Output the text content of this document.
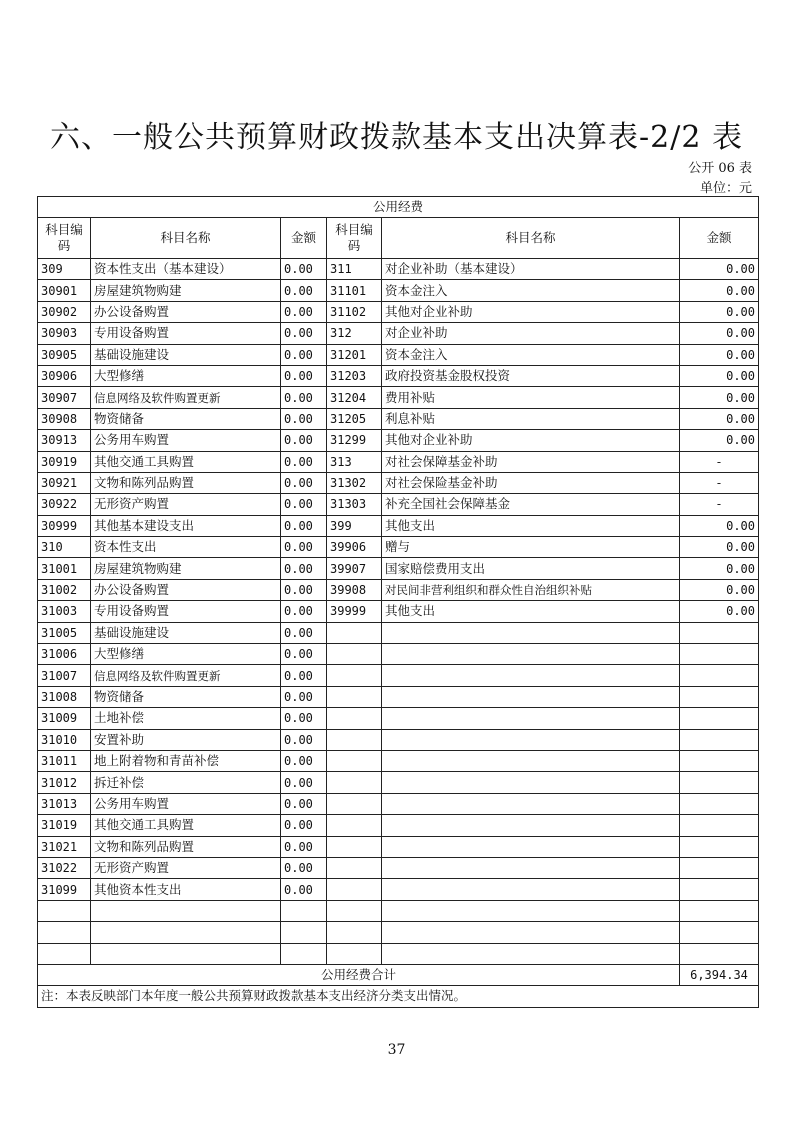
六、一般公共预算财政拨款基本支出决算表-2/2 表
公开 06 表
单位：元
公用经费					
科目编码	科目名称	金额	科目编码	科目名称	金额
309	资本性支出（基本建设）	0.00	311	对企业补助（基本建设）	0.00
30901	房屋建筑物购建	0.00	31101	资本金注入	0.00
30902	办公设备购置	0.00	31102	其他对企业补助	0.00
30903	专用设备购置	0.00	312	对企业补助	0.00
30905	基础设施建设	0.00	31201	资本金注入	0.00
30906	大型修缮	0.00	31203	政府投资基金股权投资	0.00
30907	信息网络及软件购置更新	0.00	31204	费用补贴	0.00
30908	物资储备	0.00	31205	利息补贴	0.00
30913	公务用车购置	0.00	31299	其他对企业补助	0.00
30919	其他交通工具购置	0.00	313	对社会保障基金补助	-
30921	文物和陈列品购置	0.00	31302	对社会保险基金补助	-
30922	无形资产购置	0.00	31303	补充全国社会保障基金	-
30999	其他基本建设支出	0.00	399	其他支出	0.00
310	资本性支出	0.00	39906	赠与	0.00
31001	房屋建筑物购建	0.00	39907	国家赔偿费用支出	0.00
31002	办公设备购置	0.00	39908	对民间非营利组织和群众性自治组织补贴	0.00
31003	专用设备购置	0.00	39999	其他支出	0.00
31005	基础设施建设	0.00			
31006	大型修缮	0.00			
31007	信息网络及软件购置更新	0.00			
31008	物资储备	0.00			
31009	土地补偿	0.00			
31010	安置补助	0.00			
31011	地上附着物和青苗补偿	0.00			
31012	拆迁补偿	0.00			
31013	公务用车购置	0.00			
31019	其他交通工具购置	0.00			
31021	文物和陈列品购置	0.00			
31022	无形资产购置	0.00			
31099	其他资本性支出	0.00			

公用经费合计					6,394.34
注：本表反映部门本年度一般公共预算财政拨款基本支出经济分类支出情况。					
37
